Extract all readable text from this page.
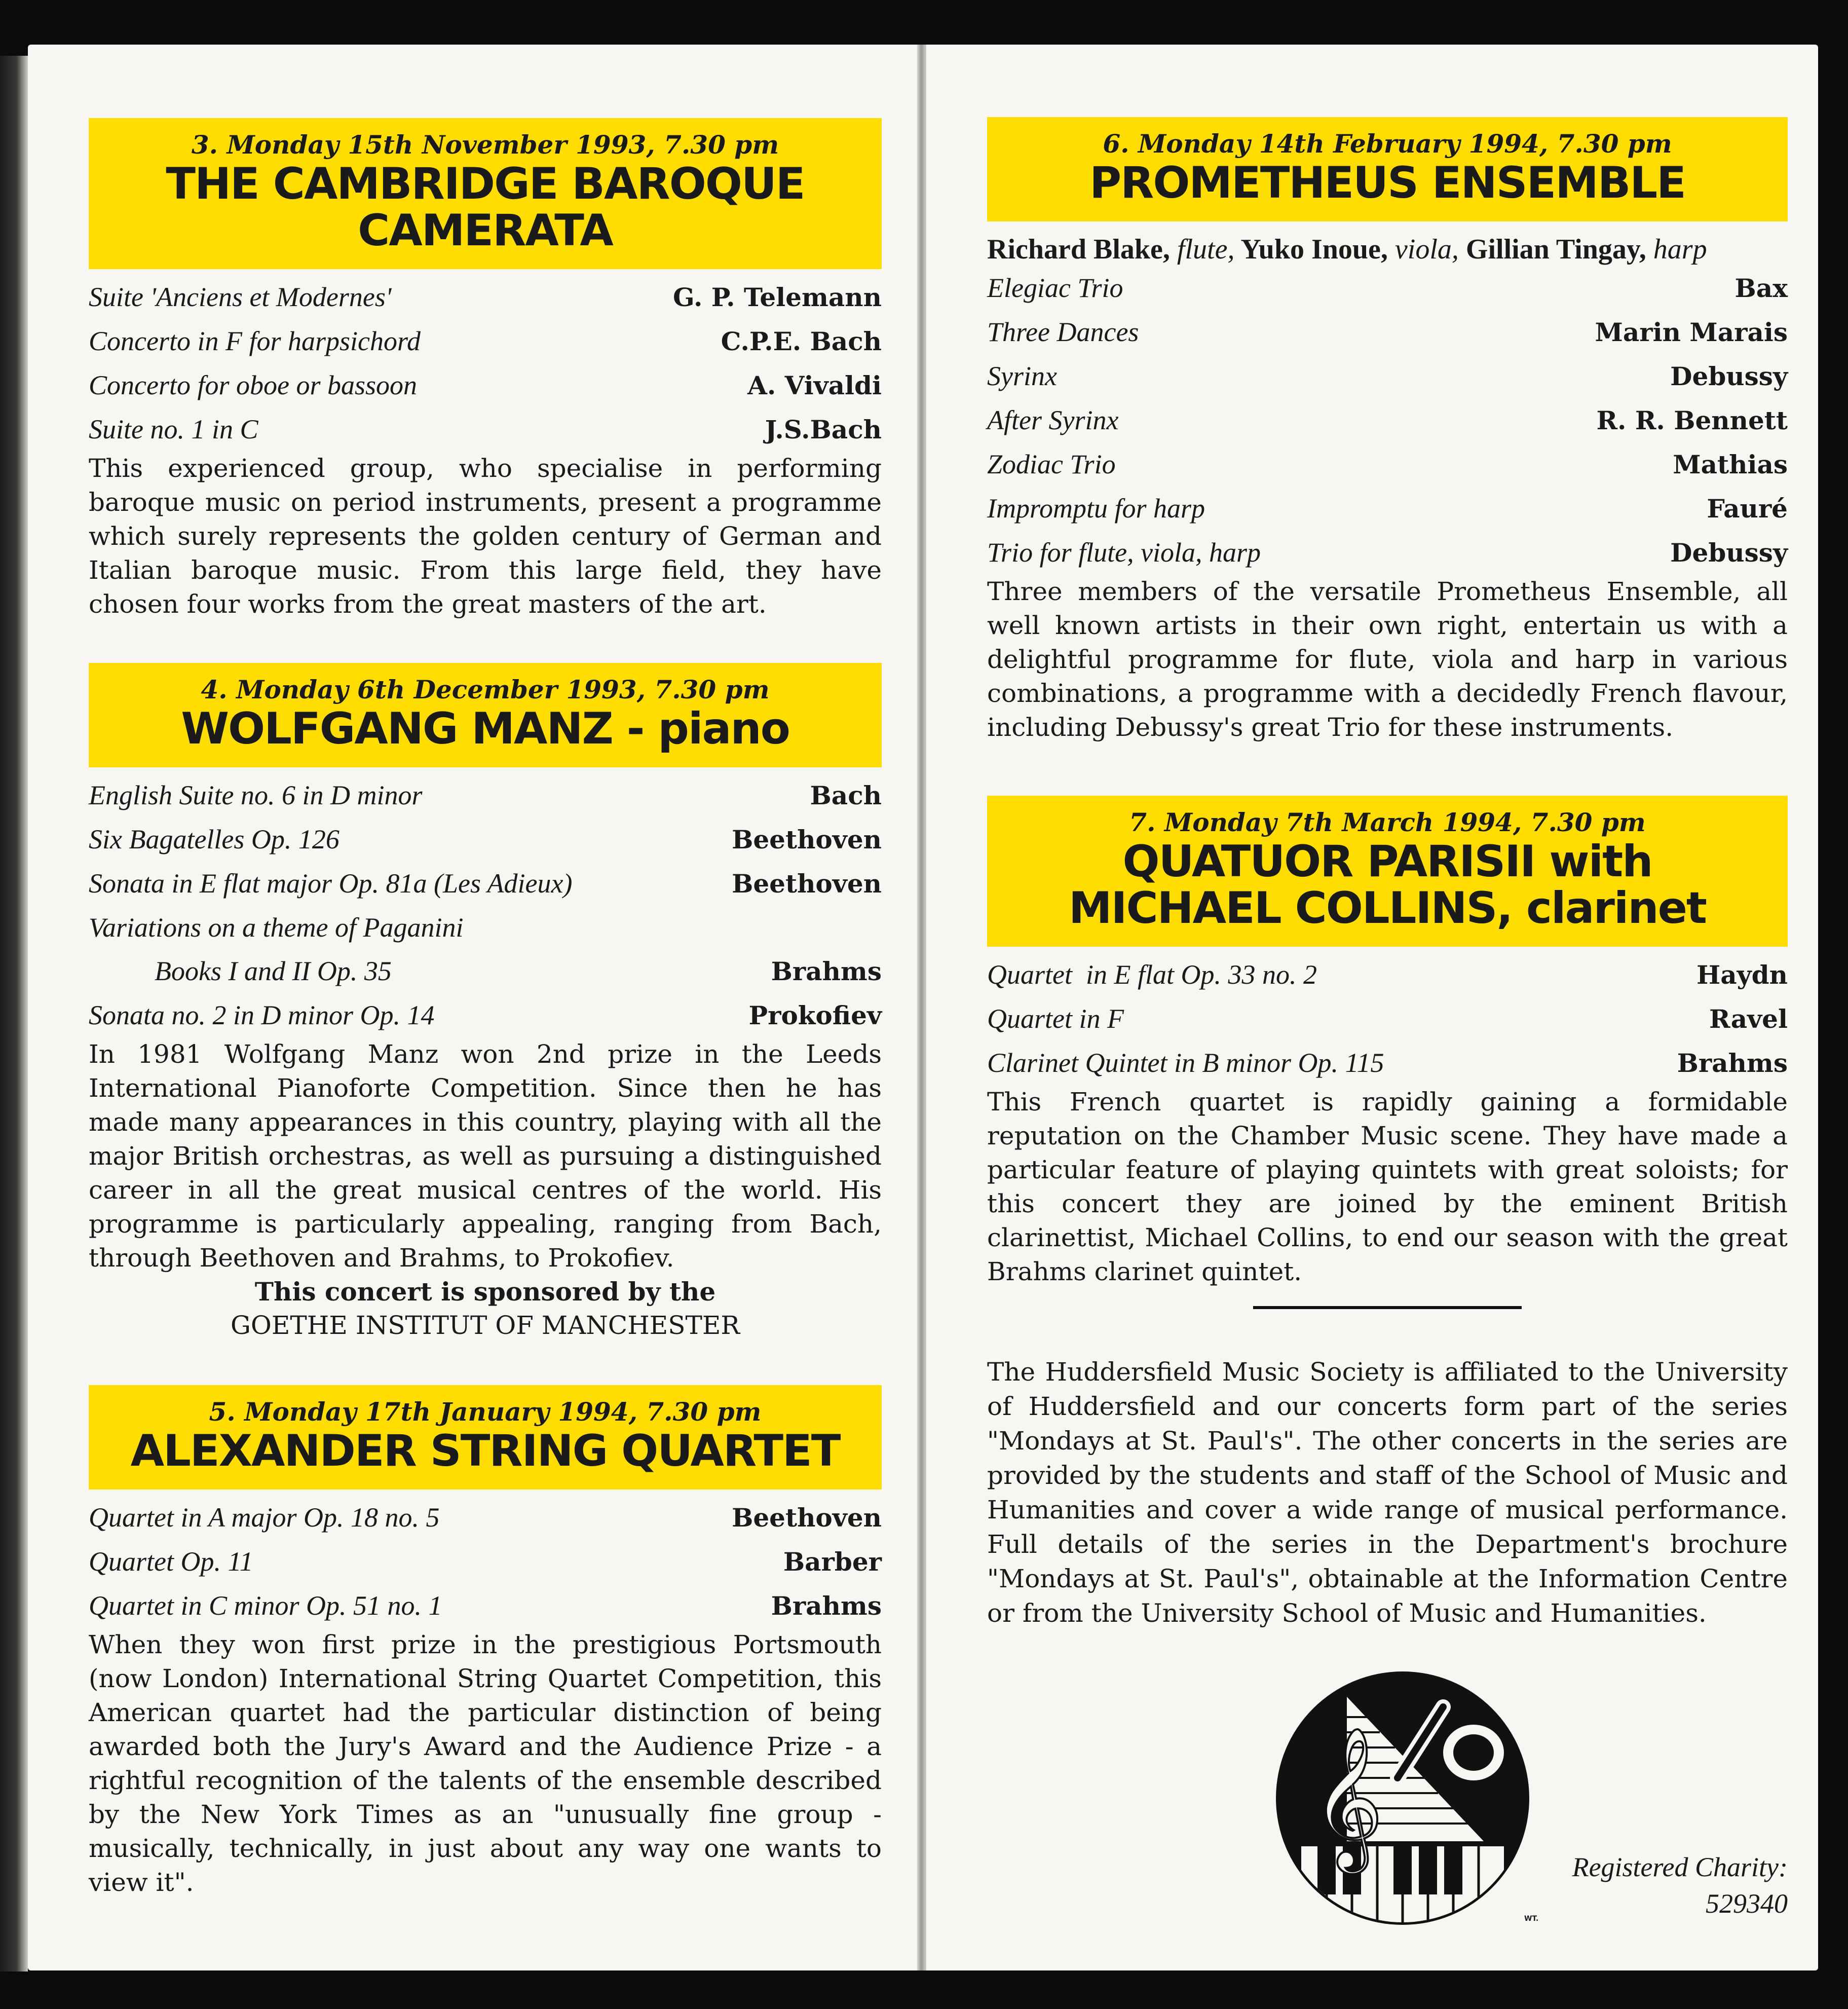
3. Monday 15th November 1993, 7.30 pm
THE CAMBRIDGE BAROQUE
CAMERATA
Suite 'Anciens et Modernes'	G. P. Telemann
Concerto in F for harpsichord	C.P.E. Bach
Concerto for oboe or bassoon	A. Vivaldi
Suite no. 1 in C	J.S.Bach

This experienced group, who specialise in performing baroque music on period instruments, present a programme which surely represents the golden century of German and Italian baroque music. From this large field, they have chosen four works from the great masters of the art.

4. Monday 6th December 1993, 7.30 pm
WOLFGANG MANZ - piano
English Suite no. 6 in D minor	Bach
Six Bagatelles Op. 126	Beethoven
Sonata in E flat major Op. 81a (Les Adieux)	Beethoven
Variations on a theme of Paganini
Books I and II Op. 35	Brahms
Sonata no. 2 in D minor Op. 14	Prokofiev

In 1981 Wolfgang Manz won 2nd prize in the Leeds International Pianoforte Competition. Since then he has made many appearances in this country, playing with all the major British orchestras, as well as pursuing a distinguished career in all the great musical centres of the world. His programme is particularly appealing, ranging from Bach, through Beethoven and Brahms, to Prokofiev.

This concert is sponsored by the
GOETHE INSTITUT OF MANCHESTER
5. Monday 17th January 1994, 7.30 pm
ALEXANDER STRING QUARTET
Quartet in A major Op. 18 no. 5	Beethoven
Quartet Op. 11	Barber
Quartet in C minor Op. 51 no. 1	Brahms

When they won first prize in the prestigious Portsmouth (now London) International String Quartet Competition, this American quartet had the particular distinction of being awarded both the Jury's Award and the Audience Prize - a rightful recognition of the talents of the ensemble described by the New York Times as an "unusually fine group - musically, technically, in just about any way one wants to view it".

6. Monday 14th February 1994, 7.30 pm
PROMETHEUS ENSEMBLE
Richard Blake, flute, Yuko Inoue, viola, Gillian Tingay, harp
Elegiac Trio	Bax
Three Dances	Marin Marais
Syrinx	Debussy
After Syrinx	R. R. Bennett
Zodiac Trio	Mathias
Impromptu for harp	Fauré
Trio for flute, viola, harp	Debussy

Three members of the versatile Prometheus Ensemble, all well known artists in their own right, entertain us with a delightful programme for flute, viola and harp in various combinations, a programme with a decidedly French flavour, including Debussy's great Trio for these instruments.

7. Monday 7th March 1994, 7.30 pm
QUATUOR PARISII with
MICHAEL COLLINS, clarinet
Quartet  in E flat Op. 33 no. 2	Haydn
Quartet in F	Ravel
Clarinet Quintet in B minor Op. 115	Brahms

This French quartet is rapidly gaining a formidable reputation on the Chamber Music scene. They have made a particular feature of playing quintets with great soloists; for this concert they are joined by the eminent British clarinettist, Michael Collins, to end our season with the great Brahms clarinet quintet.

The Huddersfield Music Society is affiliated to the University of Huddersfield and our concerts form part of the series "Mondays at St. Paul's". The other concerts in the series are provided by the students and staff of the School of Music and Humanities and cover a wide range of musical performance. Full details of the series in the Department's brochure "Mondays at St. Paul's", obtainable at the Information Centre or from the University School of Music and Humanities.

𝄞
WT.
Registered Charity:
529340
